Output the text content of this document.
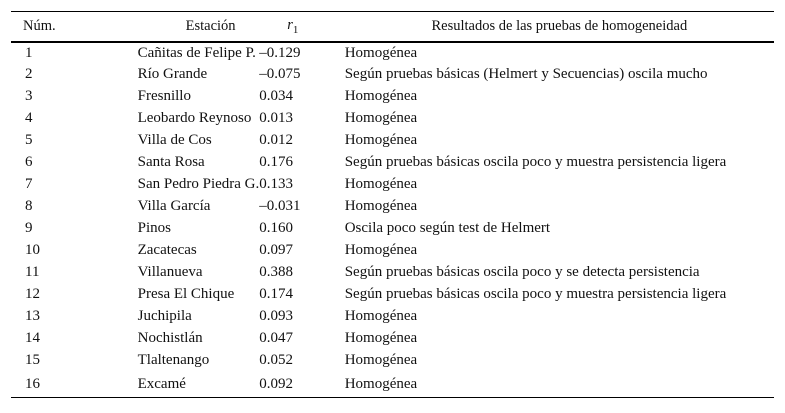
Núm.	Estación	$r_1$	Resultados de las pruebas de homogeneidad
1	Cañitas de Felipe P.	–0.129	Homogénea
2	Río Grande	–0.075	Según pruebas básicas (Helmert y Secuencias) oscila mucho
3	Fresnillo	0.034	Homogénea
4	Leobardo Reynoso	0.013	Homogénea
5	Villa de Cos	0.012	Homogénea
6	Santa Rosa	0.176	Según pruebas básicas oscila poco y muestra persistencia ligera
7	San Pedro Piedra G.	0.133	Homogénea
8	Villa García	–0.031	Homogénea
9	Pinos	0.160	Oscila poco según test de Helmert
10	Zacatecas	0.097	Homogénea
11	Villanueva	0.388	Según pruebas básicas oscila poco y se detecta persistencia
12	Presa El Chique	0.174	Según pruebas básicas oscila poco y muestra persistencia ligera
13	Juchipila	0.093	Homogénea
14	Nochistlán	0.047	Homogénea
15	Tlaltenango	0.052	Homogénea
16	Excamé	0.092	Homogénea
